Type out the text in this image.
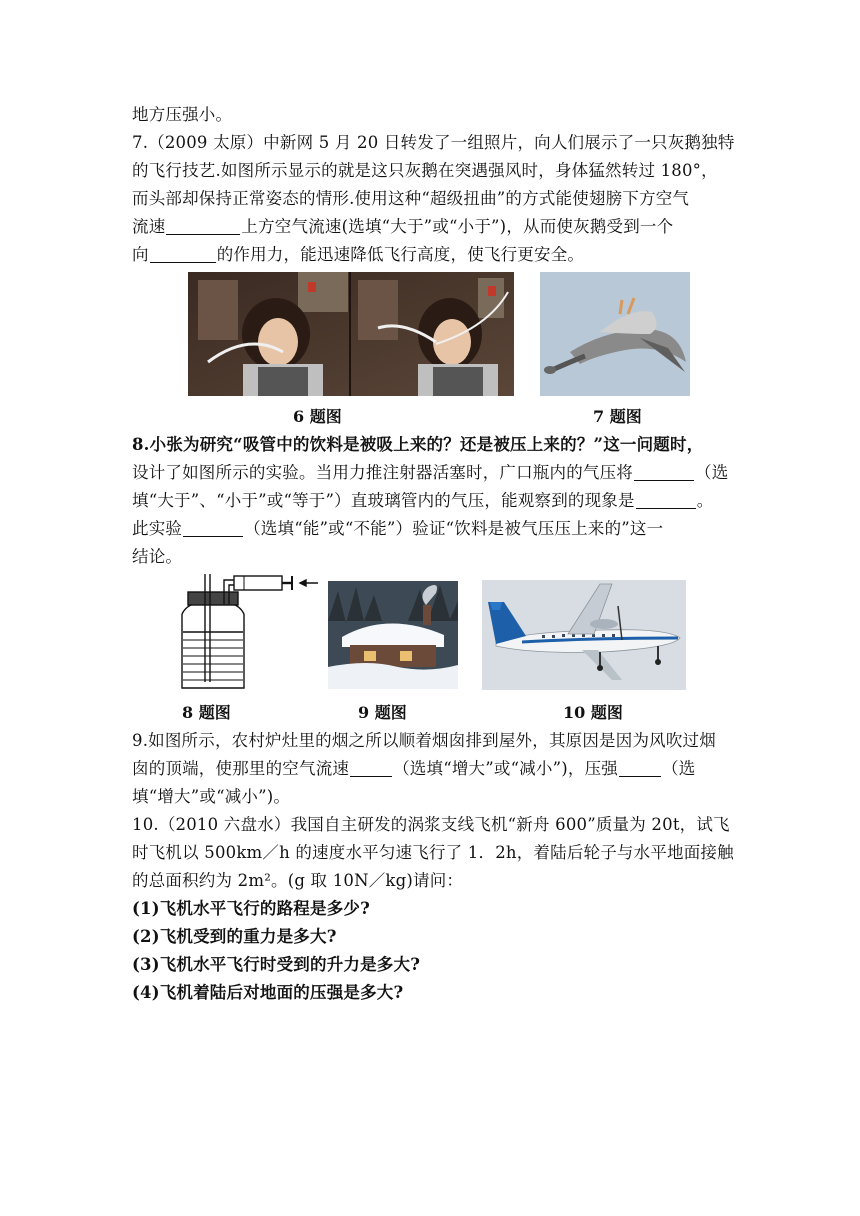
地方压强小。
7.（2009 太原）中新网 5 月 20 日转发了一组照片，向人们展示了一只灰鹅独特
的飞行技艺.如图所示显示的就是这只灰鹅在突遇强风时，身体猛然转过 180°，
而头部却保持正常姿态的情形.使用这种“超级扭曲”的方式能使翅膀下方空气
流速	上方空气流速(选填“大于”或“小于”)，从而使灰鹅受到一个
向	的作用力，能迅速降低飞行高度，使飞行更安全。
6 题图	7 题图
8.小张为研究“吸管中的饮料是被吸上来的？还是被压上来的？”这一问题时，
设计了如图所示的实验。当用力推注射器活塞时，广口瓶内的气压将	（选
填“大于”、“小于”或“等于”）直玻璃管内的气压，能观察到的现象是	。
此实验	（选填“能”或“不能”）验证“饮料是被气压压上来的”这一
结论。
8 题图	9 题图	10 题图
9.如图所示，农村炉灶里的烟之所以顺着烟囱排到屋外，其原因是因为风吹过烟
囱的顶端，使那里的空气流速	（选填“增大”或“减小”)，压强	（选
填“增大”或“减小”)。
10.（2010 六盘水）我国自主研发的涡浆支线飞机“新舟 600”质量为 20t，试飞
时飞机以 500km／h 的速度水平匀速飞行了 1．2h，着陆后轮子与水平地面接触
的总面积约为 2m²。(g 取 10N／kg)请问：
(1)飞机水平飞行的路程是多少?
(2)飞机受到的重力是多大?
(3)飞机水平飞行时受到的升力是多大?
(4)飞机着陆后对地面的压强是多大?
